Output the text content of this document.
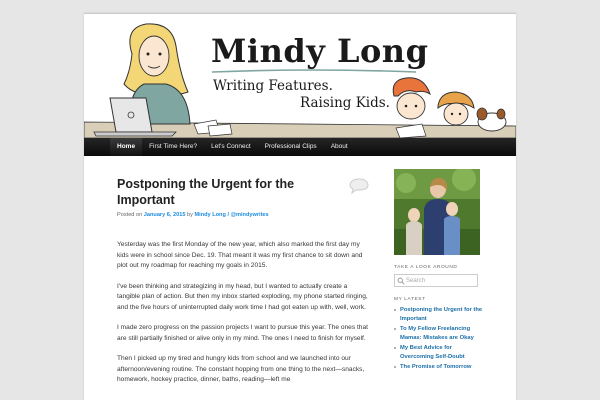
Mindy Long
Writing Features.
Raising Kids.
Home	First Time Here?	Let's Connect	Professional Clips	About
Postponing the Urgent for the Important
Posted on January 6, 2015 by Mindy Long / @mindywrites

Yesterday was the first Monday of the new year, which also marked the first day my kids were in school since Dec. 19. That meant it was my first chance to sit down and plot out my roadmap for reaching my goals in 2015.

I've been thinking and strategizing in my head, but I wanted to actually create a tangible plan of action. But then my inbox started exploding, my phone started ringing, and the five hours of uninterrupted daily work time I had got eaten up with, well, work.

I made zero progress on the passion projects I want to pursue this year. The ones that are still partially finished or alive only in my mind. The ones I need to finish for myself.

Then I picked up my tired and hungry kids from school and we launched into our afternoon/evening routine. The constant hopping from one thing to the next—snacks, homework, hockey practice, dinner, baths, reading—left me

TAKE A LOOK AROUND
Search
MY LATEST
Postponing the Urgent for the Important
To My Fellow Freelancing Mamas: Mistakes are Okay
My Best Advice for Overcoming Self-Doubt
The Promise of Tomorrow
